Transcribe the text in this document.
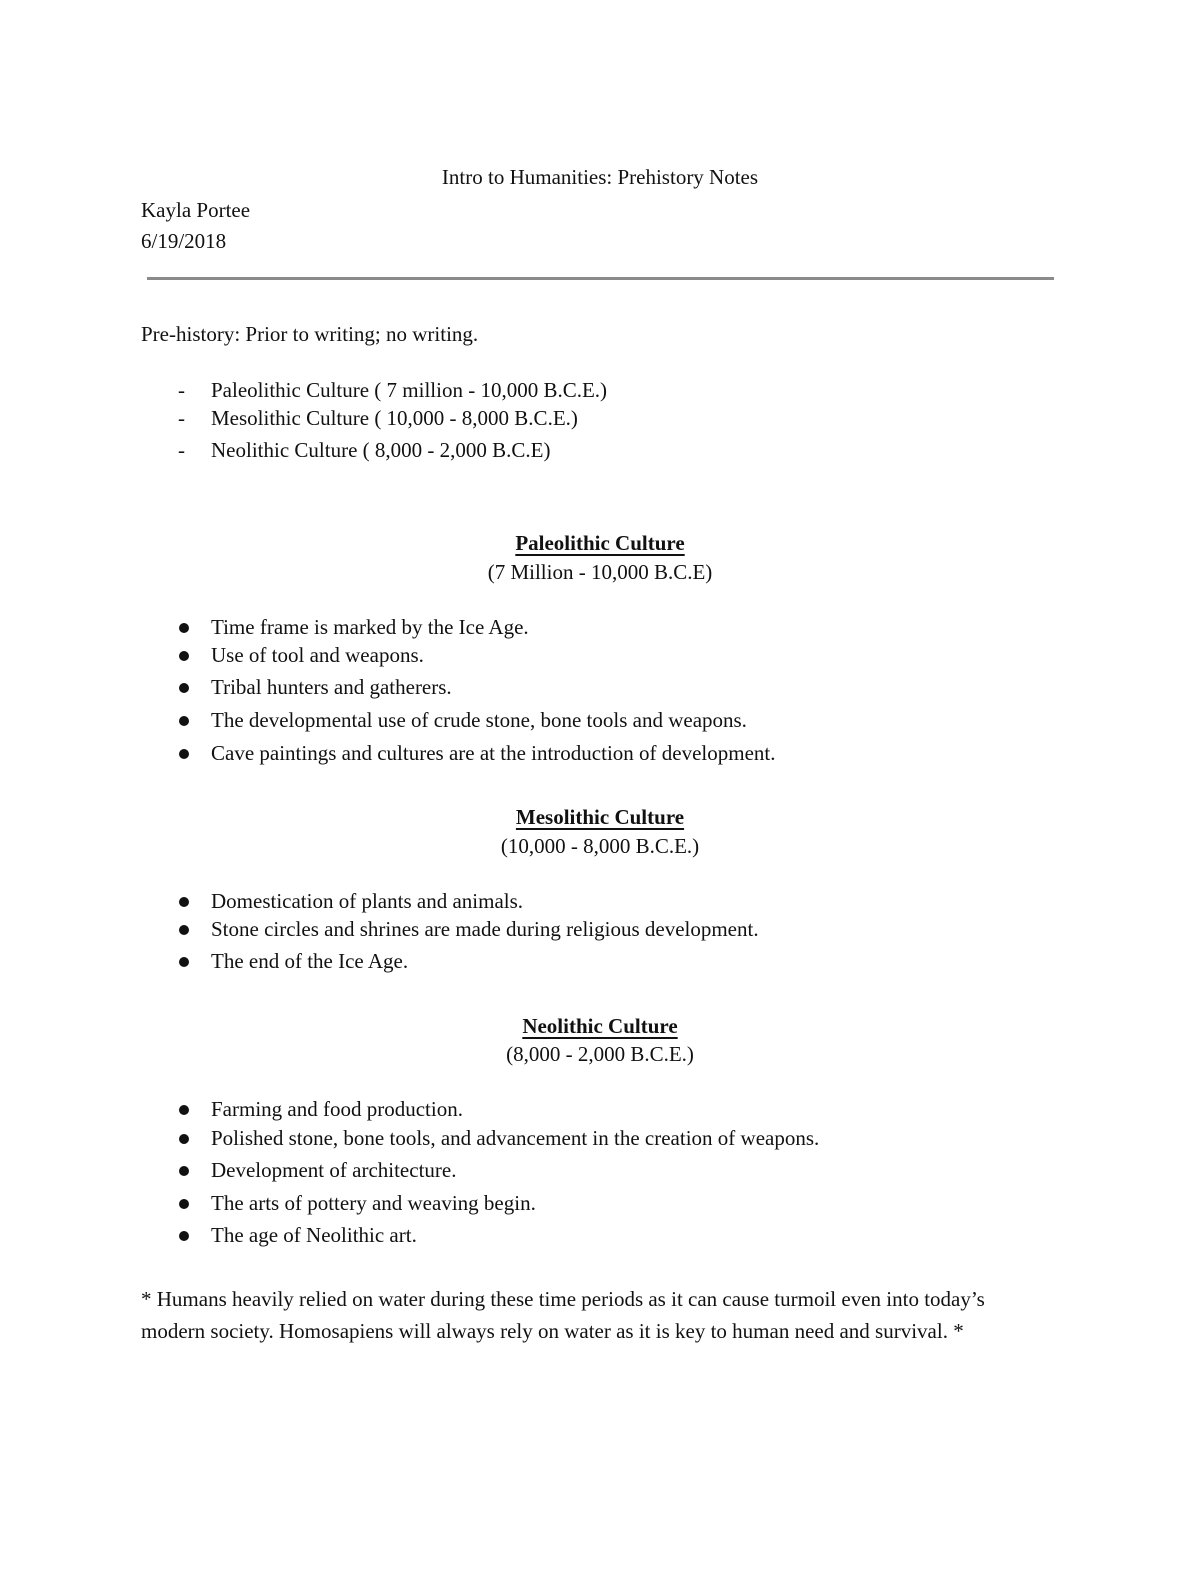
Intro to Humanities: Prehistory Notes

Kayla Portee

6/19/2018

Pre-history: Prior to writing; no writing.

- Paleolithic Culture ( 7 million - 10,000 B.C.E.)
- Mesolithic Culture ( 10,000 - 8,000 B.C.E.)
- Neolithic Culture ( 8,000 - 2,000 B.C.E)

Paleolithic Culture

(7 Million - 10,000 B.C.E)

Time frame is marked by the Ice Age.
Use of tool and weapons.
Tribal hunters and gatherers.
The developmental use of crude stone, bone tools and weapons.
Cave paintings and cultures are at the introduction of development.

Mesolithic Culture

(10,000 - 8,000 B.C.E.)

Domestication of plants and animals.
Stone circles and shrines are made during religious development.
The end of the Ice Age.

Neolithic Culture

(8,000 - 2,000 B.C.E.)

Farming and food production.
Polished stone, bone tools, and advancement in the creation of weapons.
Development of architecture.
The arts of pottery and weaving begin.
The age of Neolithic art.

* Humans heavily relied on water during these time periods as it can cause turmoil even into today’s modern society. Homosapiens will always rely on water as it is key to human need and survival. *
